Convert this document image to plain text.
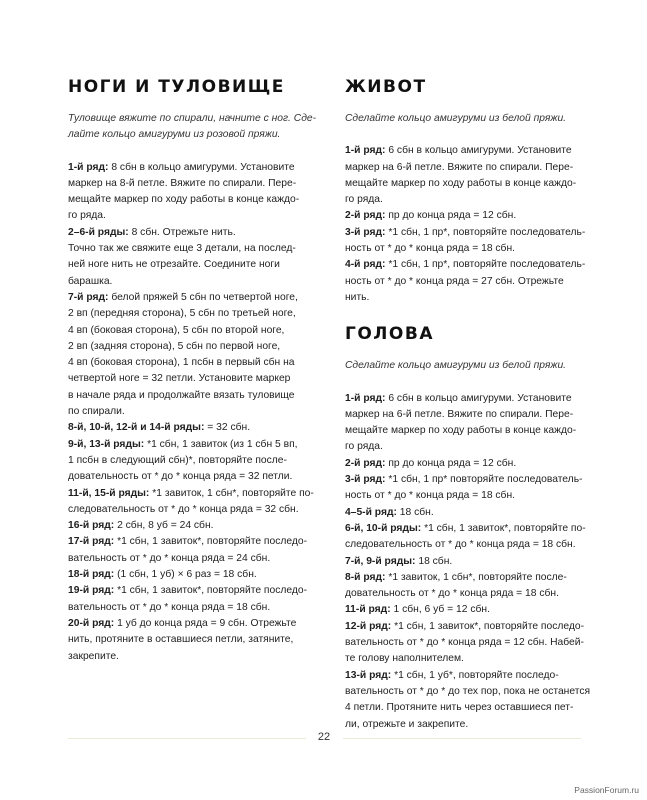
НОГИ И ТУЛОВИЩЕ
Туловище вяжите по спирали, начните с ног. Сде-
лайте кольцо амигуруми из розовой пряжи.
1-й ряд: 8 сбн в кольцо амигуруми. Установите
маркер на 8-й петле. Вяжите по спирали. Пере-
мещайте маркер по ходу работы в конце каждо-
го ряда.
2–6-й ряды: 8 сбн. Отрежьте нить.
Точно так же свяжите еще 3 детали, на послед-
ней ноге нить не отрезайте. Соедините ноги
барашка.
7-й ряд: белой пряжей 5 сбн по четвертой ноге,
2 вп (передняя сторона), 5 сбн по третьей ноге,
4 вп (боковая сторона), 5 сбн по второй ноге,
2 вп (задняя сторона), 5 сбн по первой ноге,
4 вп (боковая сторона), 1 псбн в первый сбн на
четвертой ноге = 32 петли. Установите маркер
в начале ряда и продолжайте вязать туловище
по спирали.
8-й, 10-й, 12-й и 14-й ряды: = 32 сбн.
9-й, 13-й ряды: *1 сбн, 1 завиток (из 1 сбн 5 вп,
1 псбн в следующий сбн)*, повторяйте после-
довательность от * до * конца ряда = 32 петли.
11-й, 15-й ряды: *1 завиток, 1 сбн*, повторяйте по-
следовательность от * до * конца ряда = 32 сбн.
16-й ряд: 2 сбн, 8 уб = 24 сбн.
17-й ряд: *1 сбн, 1 завиток*, повторяйте последо-
вательность от * до * конца ряда = 24 сбн.
18-й ряд: (1 сбн, 1 уб) × 6 раз = 18 сбн.
19-й ряд: *1 сбн, 1 завиток*, повторяйте последо-
вательность от * до * конца ряда = 18 сбн.
20-й ряд: 1 уб до конца ряда = 9 сбн. Отрежьте
нить, протяните в оставшиеся петли, затяните,
закрепите.
ЖИВОТ
Сделайте кольцо амигуруми из белой пряжи.
1-й ряд: 6 сбн в кольцо амигуруми. Установите
маркер на 6-й петле. Вяжите по спирали. Пере-
мещайте маркер по ходу работы в конце каждо-
го ряда.
2-й ряд: пр до конца ряда = 12 сбн.
3-й ряд: *1 сбн, 1 пр*, повторяйте последователь-
ность от * до * конца ряда = 18 сбн.
4-й ряд: *1 сбн, 1 пр*, повторяйте последователь-
ность от * до * конца ряда = 27 сбн. Отрежьте
нить.
ГОЛОВА
Сделайте кольцо амигуруми из белой пряжи.
1-й ряд: 6 сбн в кольцо амигуруми. Установите
маркер на 6-й петле. Вяжите по спирали. Пере-
мещайте маркер по ходу работы в конце каждо-
го ряда.
2-й ряд: пр до конца ряда = 12 сбн.
3-й ряд: *1 сбн, 1 пр* повторяйте последователь-
ность от * до * конца ряда = 18 сбн.
4–5-й ряд: 18 сбн.
6-й, 10-й ряды: *1 сбн, 1 завиток*, повторяйте по-
следовательность от * до * конца ряда = 18 сбн.
7-й, 9-й ряды: 18 сбн.
8-й ряд: *1 завиток, 1 сбн*, повторяйте после-
довательность от * до * конца ряда = 18 сбн.
11-й ряд: 1 сбн, 6 уб = 12 сбн.
12-й ряд: *1 сбн, 1 завиток*, повторяйте последо-
вательность от * до * конца ряда = 12 сбн. Набей-
те голову наполнителем.
13-й ряд: *1 сбн, 1 уб*, повторяйте последо-
вательность от * до * до тех пор, пока не останется
4 петли. Протяните нить через оставшиеся пет-
ли, отрежьте и закрепите.
22
PassionForum.ru
